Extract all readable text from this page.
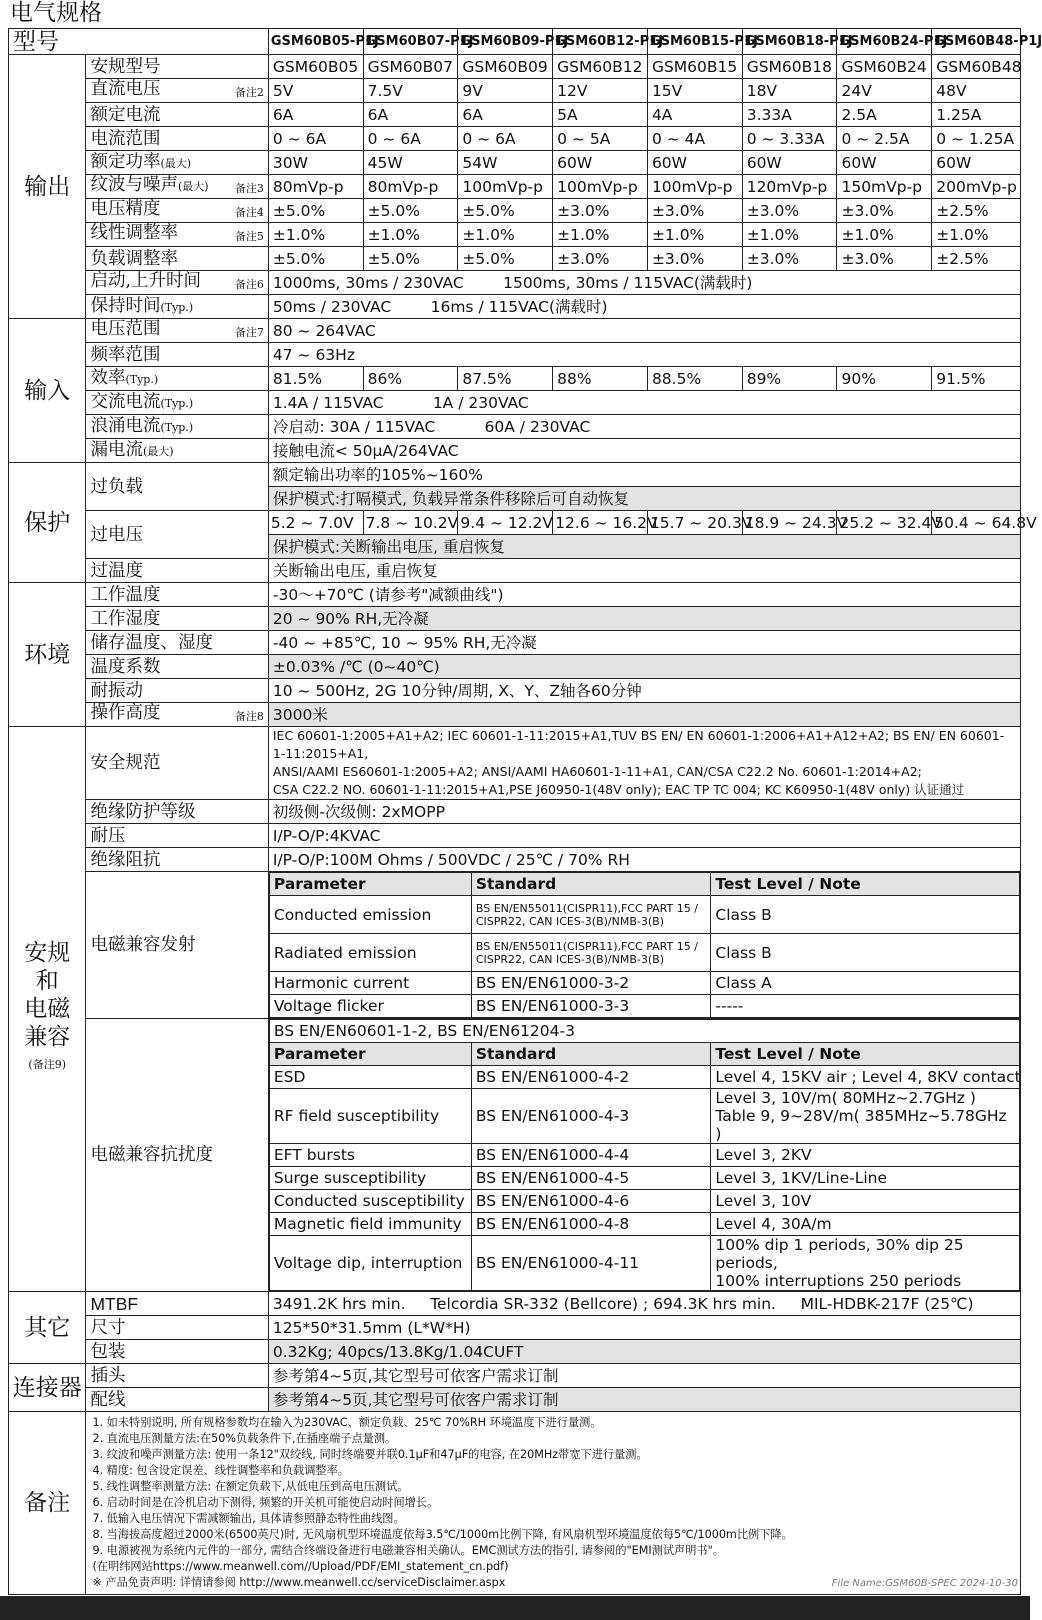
电气规格
型号	GSM60B05-P1J	GSM60B07-P1J	GSM60B09-P1J	GSM60B12-P1J	GSM60B15-P1J	GSM60B18-P1J	GSM60B24-P1J	GSM60B48-P1J
输出	安规型号	GSM60B05	GSM60B07	GSM60B09	GSM60B12	GSM60B15	GSM60B18	GSM60B24	GSM60B48
直流电压	备注2	5V	7.5V	9V	12V	15V	18V	24V	48V
额定电流	6A	6A	6A	5A	4A	3.33A	2.5A	1.25A
电流范围	0 ~ 6A	0 ~ 6A	0 ~ 6A	0 ~ 5A	0 ~ 4A	0 ~ 3.33A	0 ~ 2.5A	0 ~ 1.25A
额定功率(最大)	30W	45W	54W	60W	60W	60W	60W	60W
纹波与噪声(最大) 备注3	80mVp-p	80mVp-p	100mVp-p	100mVp-p	100mVp-p	120mVp-p	150mVp-p	200mVp-p
电压精度	备注4	±5.0%	±5.0%	±5.0%	±3.0%	±3.0%	±3.0%	±3.0%	±2.5%
线性调整率	备注5	±1.0%	±1.0%	±1.0%	±1.0%	±1.0%	±1.0%	±1.0%	±1.0%
负载调整率	±5.0%	±5.0%	±5.0%	±3.0%	±3.0%	±3.0%	±3.0%	±2.5%
启动,上升时间	备注6	1000ms, 30ms / 230VAC        1500ms, 30ms / 115VAC(满载时)
保持时间(Typ.)	50ms / 230VAC        16ms / 115VAC(满载时)
输入	电压范围	备注7	80 ~ 264VAC
频率范围	47 ~ 63Hz
效率(Typ.)	81.5%	86%	87.5%	88%	88.5%	89%	90%	91.5%
交流电流(Typ.)	1.4A / 115VAC          1A / 230VAC
浪涌电流(Typ.)	冷启动: 30A / 115VAC          60A / 230VAC
漏电流(最大)	接触电流< 50μA/264VAC
保护	过负载	额定输出功率的105%~160%
保护模式:打嗝模式, 负载异常条件移除后可自动恢复
过电压	5.2 ~ 7.0V	7.8 ~ 10.2V	9.4 ~ 12.2V	12.6 ~ 16.2V	15.7 ~ 20.3V	18.9 ~ 24.3V	25.2 ~ 32.4V	50.4 ~ 64.8V
保护模式:关断输出电压, 重启恢复
过温度	关断输出电压, 重启恢复
环境	工作温度	-30～+70℃ (请参考"减额曲线")
工作湿度	20 ~ 90% RH,无冷凝
储存温度、湿度	-40 ~ +85℃, 10 ~ 95% RH,无冷凝
温度系数	±0.03% /℃ (0~40℃)
耐振动	10 ~ 500Hz, 2G 10分钟/周期, X、Y、Z轴各60分钟
操作高度	备注8	3000米

安规
和
电磁
兼容
(备注9)
	安全规范	
IEC 60601-1:2005+A1+A2; IEC 60601-1-11:2015+A1,TUV BS EN/ EN 60601-1:2006+A1+A12+A2; BS EN/ EN 60601-1-11:2015+A1,
ANSI/AAMI ES60601-1:2005+A2; ANSI/AAMI HA60601-1-11+A1, CAN/CSA C22.2 No. 60601-1:2014+A2;
CSA C22.2 NO. 60601-1-11:2015+A1,PSE J60950-1(48V only); EAC TP TC 004; KC K60950-1(48V only) 认证通过

绝缘防护等级	初级侧-次级侧: 2xMOPP
耐压	I/P-O/P:4KVAC
绝缘阻抗	I/P-O/P:100M Ohms / 500VDC / 25℃ / 70% RH
电磁兼容发射	
Parameter	Standard	Test Level / Note
Conducted emission	BS EN/EN55011(CISPR11),FCC PART 15 / CISPR22, CAN ICES-3(B)/NMB-3(B)	Class B
Radiated emission	BS EN/EN55011(CISPR11),FCC PART 15 / CISPR22, CAN ICES-3(B)/NMB-3(B)	Class B
Harmonic current	BS EN/EN61000-3-2	Class A
Voltage flicker	BS EN/EN61000-3-3	-----

电磁兼容抗扰度	
BS EN/EN60601-1-2, BS EN/EN61204-3
Parameter	Standard	Test Level / Note
ESD	BS EN/EN61000-4-2	Level 4, 15KV air ; Level 4, 8KV contact
RF field susceptibility	BS EN/EN61000-4-3	
Level 3, 10V/m( 80MHz~2.7GHz )
Table 9, 9~28V/m( 385MHz~5.78GHz )

EFT bursts	BS EN/EN61000-4-4	Level 3, 2KV
Surge susceptibility	BS EN/EN61000-4-5	Level 3, 1KV/Line-Line
Conducted susceptibility	BS EN/EN61000-4-6	Level 3, 10V
Magnetic field immunity	BS EN/EN61000-4-8	Level 4, 30A/m
Voltage dip, interruption	BS EN/EN61000-4-11	
100% dip 1 periods, 30% dip 25 periods,
100% interruptions 250 periods

其它	MTBF	3491.2K hrs min.     Telcordia SR-332 (Bellcore) ; 694.3K hrs min.     MIL-HDBK-217F (25℃)
尺寸	125*50*31.5mm (L*W*H)
包装	0.32Kg; 40pcs/13.8Kg/1.04CUFT
连接器	插头	参考第4~5页,其它型号可依客户需求订制
配线	参考第4~5页,其它型号可依客户需求订制
备注	
1. 如未特别说明, 所有规格参数均在输入为230VAC、额定负载、25℃ 70%RH 环境温度下进行量测。
2. 直流电压测量方法:在50%负载条件下,在插座端子点量测。
3. 纹波和噪声测量方法: 使用一条12"双绞线, 同时终端要并联0.1μF和47μF的电容, 在20MHz带宽下进行量测。
4. 精度: 包含设定误差、线性调整率和负载调整率。
5. 线性调整率测量方法: 在额定负载下,从低电压到高电压测试。
6. 启动时间是在冷机启动下测得, 频繁的开关机可能使启动时间增长。
7. 低输入电压情况下需减额输出, 具体请参照静态特性曲线图。
8. 当海拔高度超过2000米(6500英尺)时, 无风扇机型环境温度依每3.5℃/1000m比例下降, 有风扇机型环境温度依每5℃/1000m比例下降。
9. 电源被视为系统内元件的一部分, 需结合终端设备进行电磁兼容相关确认。EMC测试方法的指引, 请参阅的"EMI测试声明书"。
(在明纬网站https://www.meanwell.com//Upload/PDF/EMI_statement_cn.pdf)
※ 产品免责声明: 详情请参阅 http://www.meanwell.cc/serviceDisclaimer.aspx	File Name:GSM60B-SPEC 2024-10-30
